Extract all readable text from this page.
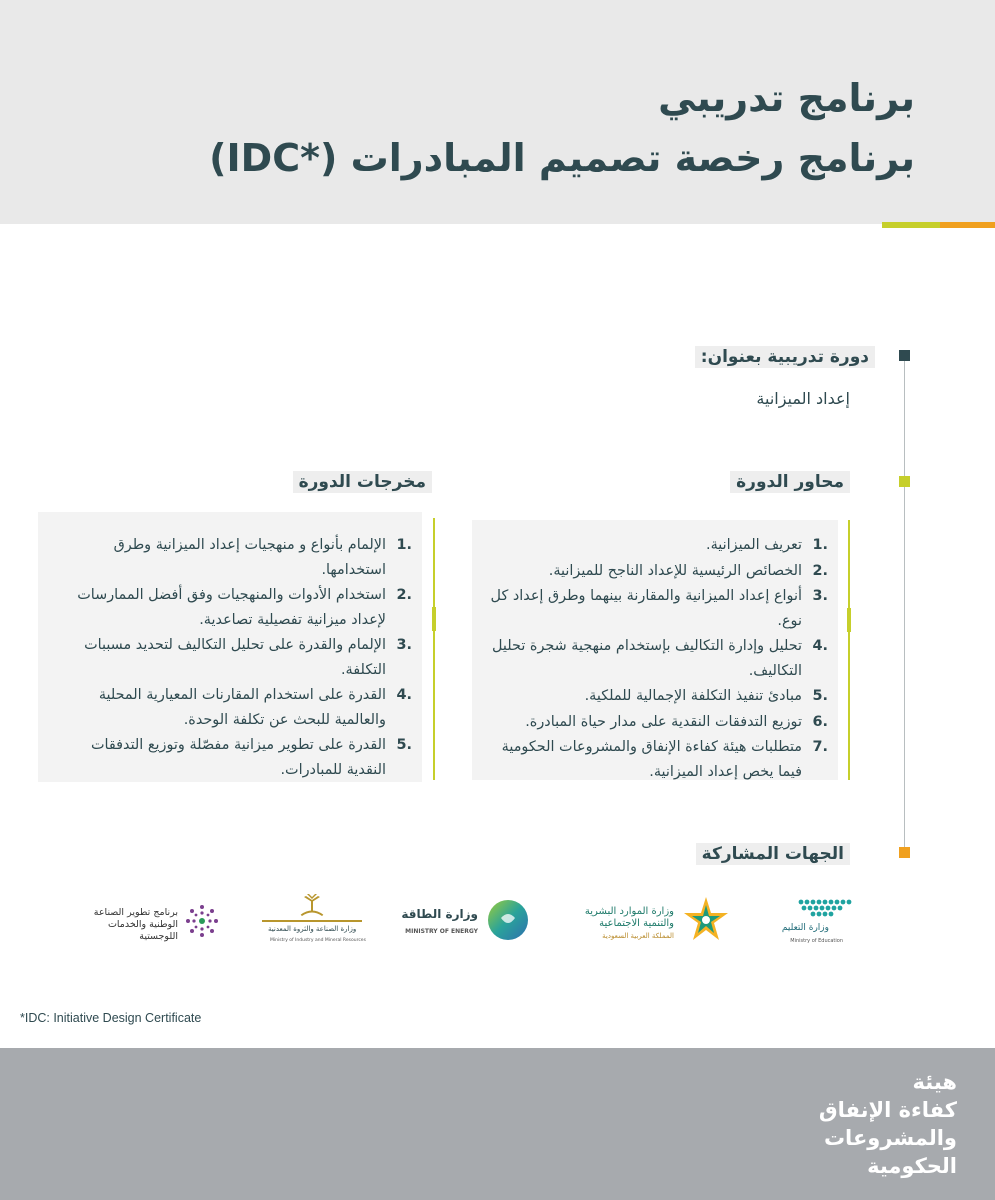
برنامج تدريبي
برنامج رخصة تصميم المبادرات (*IDC)
دورة تدريبية بعنوان:
إعداد الميزانية
محاور الدورة
1.
تعريف الميزانية.
2.
الخصائص الرئيسية للإعداد الناجح للميزانية.
3.
أنواع إعداد الميزانية والمقارنة بينهما وطرق إعداد كل نوع.
4.
تحليل وإدارة التكاليف بإستخدام منهجية شجرة تحليل التكاليف.
5.
مبادئ تنفيذ التكلفة الإجمالية للملكية.
6.
توزيع التدفقات النقدية على مدار حياة المبادرة.
7.
متطلبات هيئة كفاءة الإنفاق والمشروعات الحكومية فيما يخص إعداد الميزانية.
مخرجات الدورة
1.
الإلمام بأنواع و منهجيات إعداد الميزانية وطرق استخدامها.
2.
استخدام الأدوات والمنهجيات وفق أفضل الممارسات لإعداد ميزانية تفصيلية تصاعدية.
3.
الإلمام والقدرة على تحليل التكاليف لتحديد مسببات التكلفة.
4.
القدرة على استخدام المقارنات المعيارية المحلية والعالمية للبحث عن تكلفة الوحدة.
5.
القدرة على تطوير ميزانية مفصّلة وتوزيع التدفقات النقدية للمبادرات.
الجهات المشاركة
وزارة التعليم
Ministry of Education
وزارة الموارد البشرية
والتنمية الاجتماعية
المملكة العربية السعودية
وزارة الطاقة
MINISTRY OF ENERGY
وزارة الصناعة والثروة المعدنية
Ministry of Industry and Mineral Resources
برنامج تطوير الصناعة
الوطنية والخدمات
اللوجستية
*IDC: Initiative Design Certificate
هيئة
كفاءة الإنفاق
والمشروعات
الحكومية
